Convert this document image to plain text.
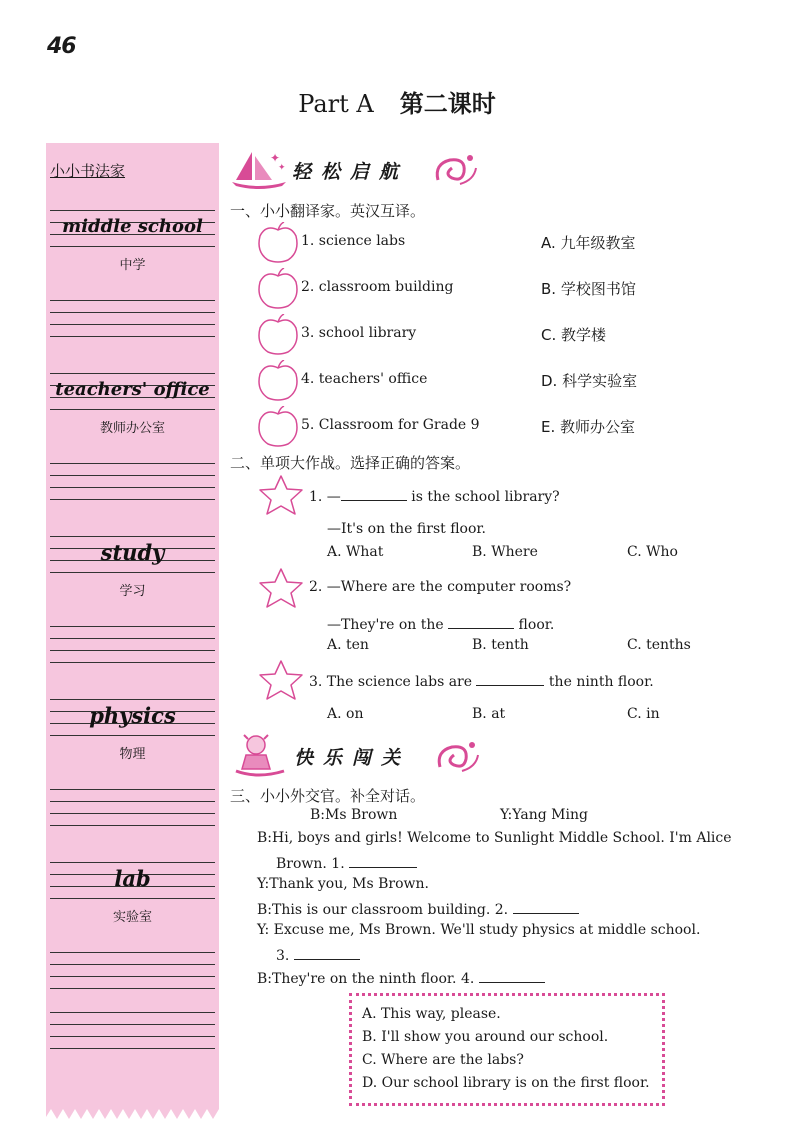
46
Part A 第二课时
小小书法家
middle school
中学
teachers' office
教师办公室
study
学习
physics
物理
lab
实验室
✦
✦ 轻松启航
一、小小翻译家。英汉互译。
1. science labs	A. 九年级教室
2. classroom building	B. 学校图书馆
3. school library	C. 教学楼
4. teachers' office	D. 科学实验室
5. Classroom for Grade 9	E. 教师办公室
二、单项大作战。选择正确的答案。
1. —	is the school library?
—It's on the first floor.
A. What	B. Where	C. Who
2. —Where are the computer rooms?
—They're on the	floor.
A. ten	B. tenth	C. tenths
3. The science labs are	the ninth floor.
A. on	B. at	C. in
快乐闯关
三、小小外交官。补全对话。
B:Ms Brown	Y:Yang Ming
B:Hi, boys and girls! Welcome to Sunlight Middle School. I'm Alice
Brown. 1.
Y:Thank you, Ms Brown.
B:This is our classroom building. 2.
Y: Excuse me, Ms Brown. We'll study physics at middle school.
3.
B:They're on the ninth floor. 4.
A. This way, please.
B. I'll show you around our school.
C. Where are the labs?
D. Our school library is on the first floor.
